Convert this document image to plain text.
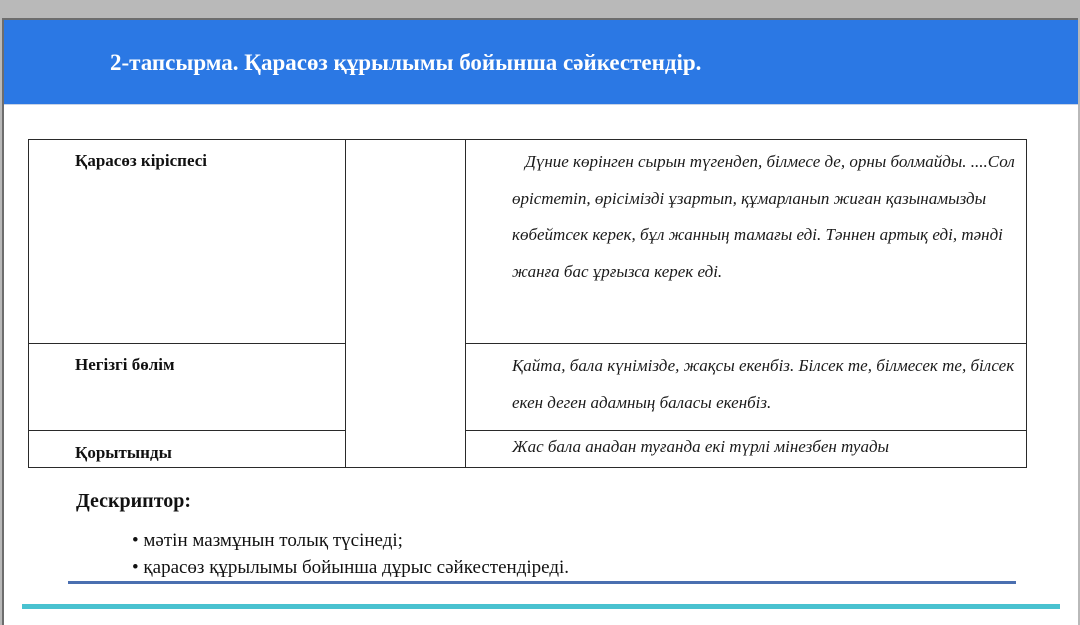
2-тапсырма. Қарасөз құрылымы бойынша сәйкестендір.
Қарасөз кіріспесі		Дүние көрінген сырын түгендеп, білмесе де, орны болмайды. ....Сол өрістетіп, өрісімізді ұзартып, құмарланып жиған қазынамызды көбейтсек керек, бұл жанның тамағы еді. Тәннен артық еді, тәнді жанға бас ұрғызса керек еді.
Негізгі бөлім		Қайта, бала күнімізде, жақсы екенбіз. Білсек те, білмесек те, білсек екен деген адамның баласы екенбіз.
Қорытынды		Жас бала анадан туғанда екі түрлі мінезбен туады
Дескриптор:
• мәтін мазмұнын толық түсінеді;
• қарасөз құрылымы бойынша дұрыс сәйкестендіреді.
